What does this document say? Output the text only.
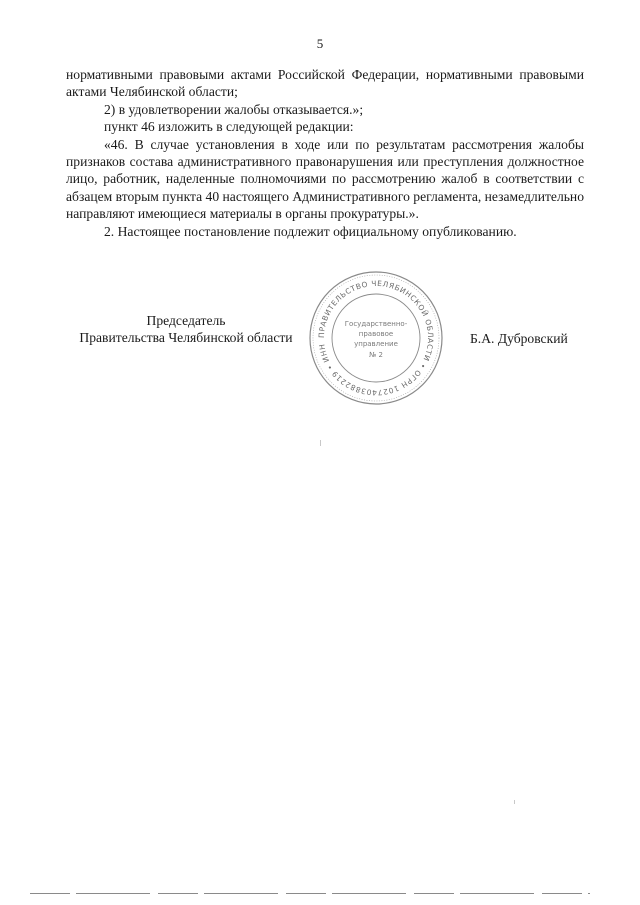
5

нормативными правовыми актами Российской Федерации, нормативными правовыми актами Челябинской области;

2) в удовлетворении жалобы отказывается.»;

пункт 46 изложить в следующей редакции:

«46. В случае установления в ходе или по результатам рассмотрения жалобы признаков состава административного правонарушения или преступления должностное лицо, работник, наделенные полномочиями по рассмотрению жалоб в соответствии с абзацем вторым пункта 40 настоящего Административного регламента, незамедлительно направляют имеющиеся материалы в органы прокуратуры.».

2. Настоящее постановление подлежит официальному опубликованию.

Председатель
Правительства Челябинской области	ПРАВИТЕЛЬСТВО ЧЕЛЯБИНСКОЙ ОБЛАСТИ • ОГРН 1027403882219 • ИНН
Государственно-
правовое
управление
№ 2
Б.А. Дубровский
